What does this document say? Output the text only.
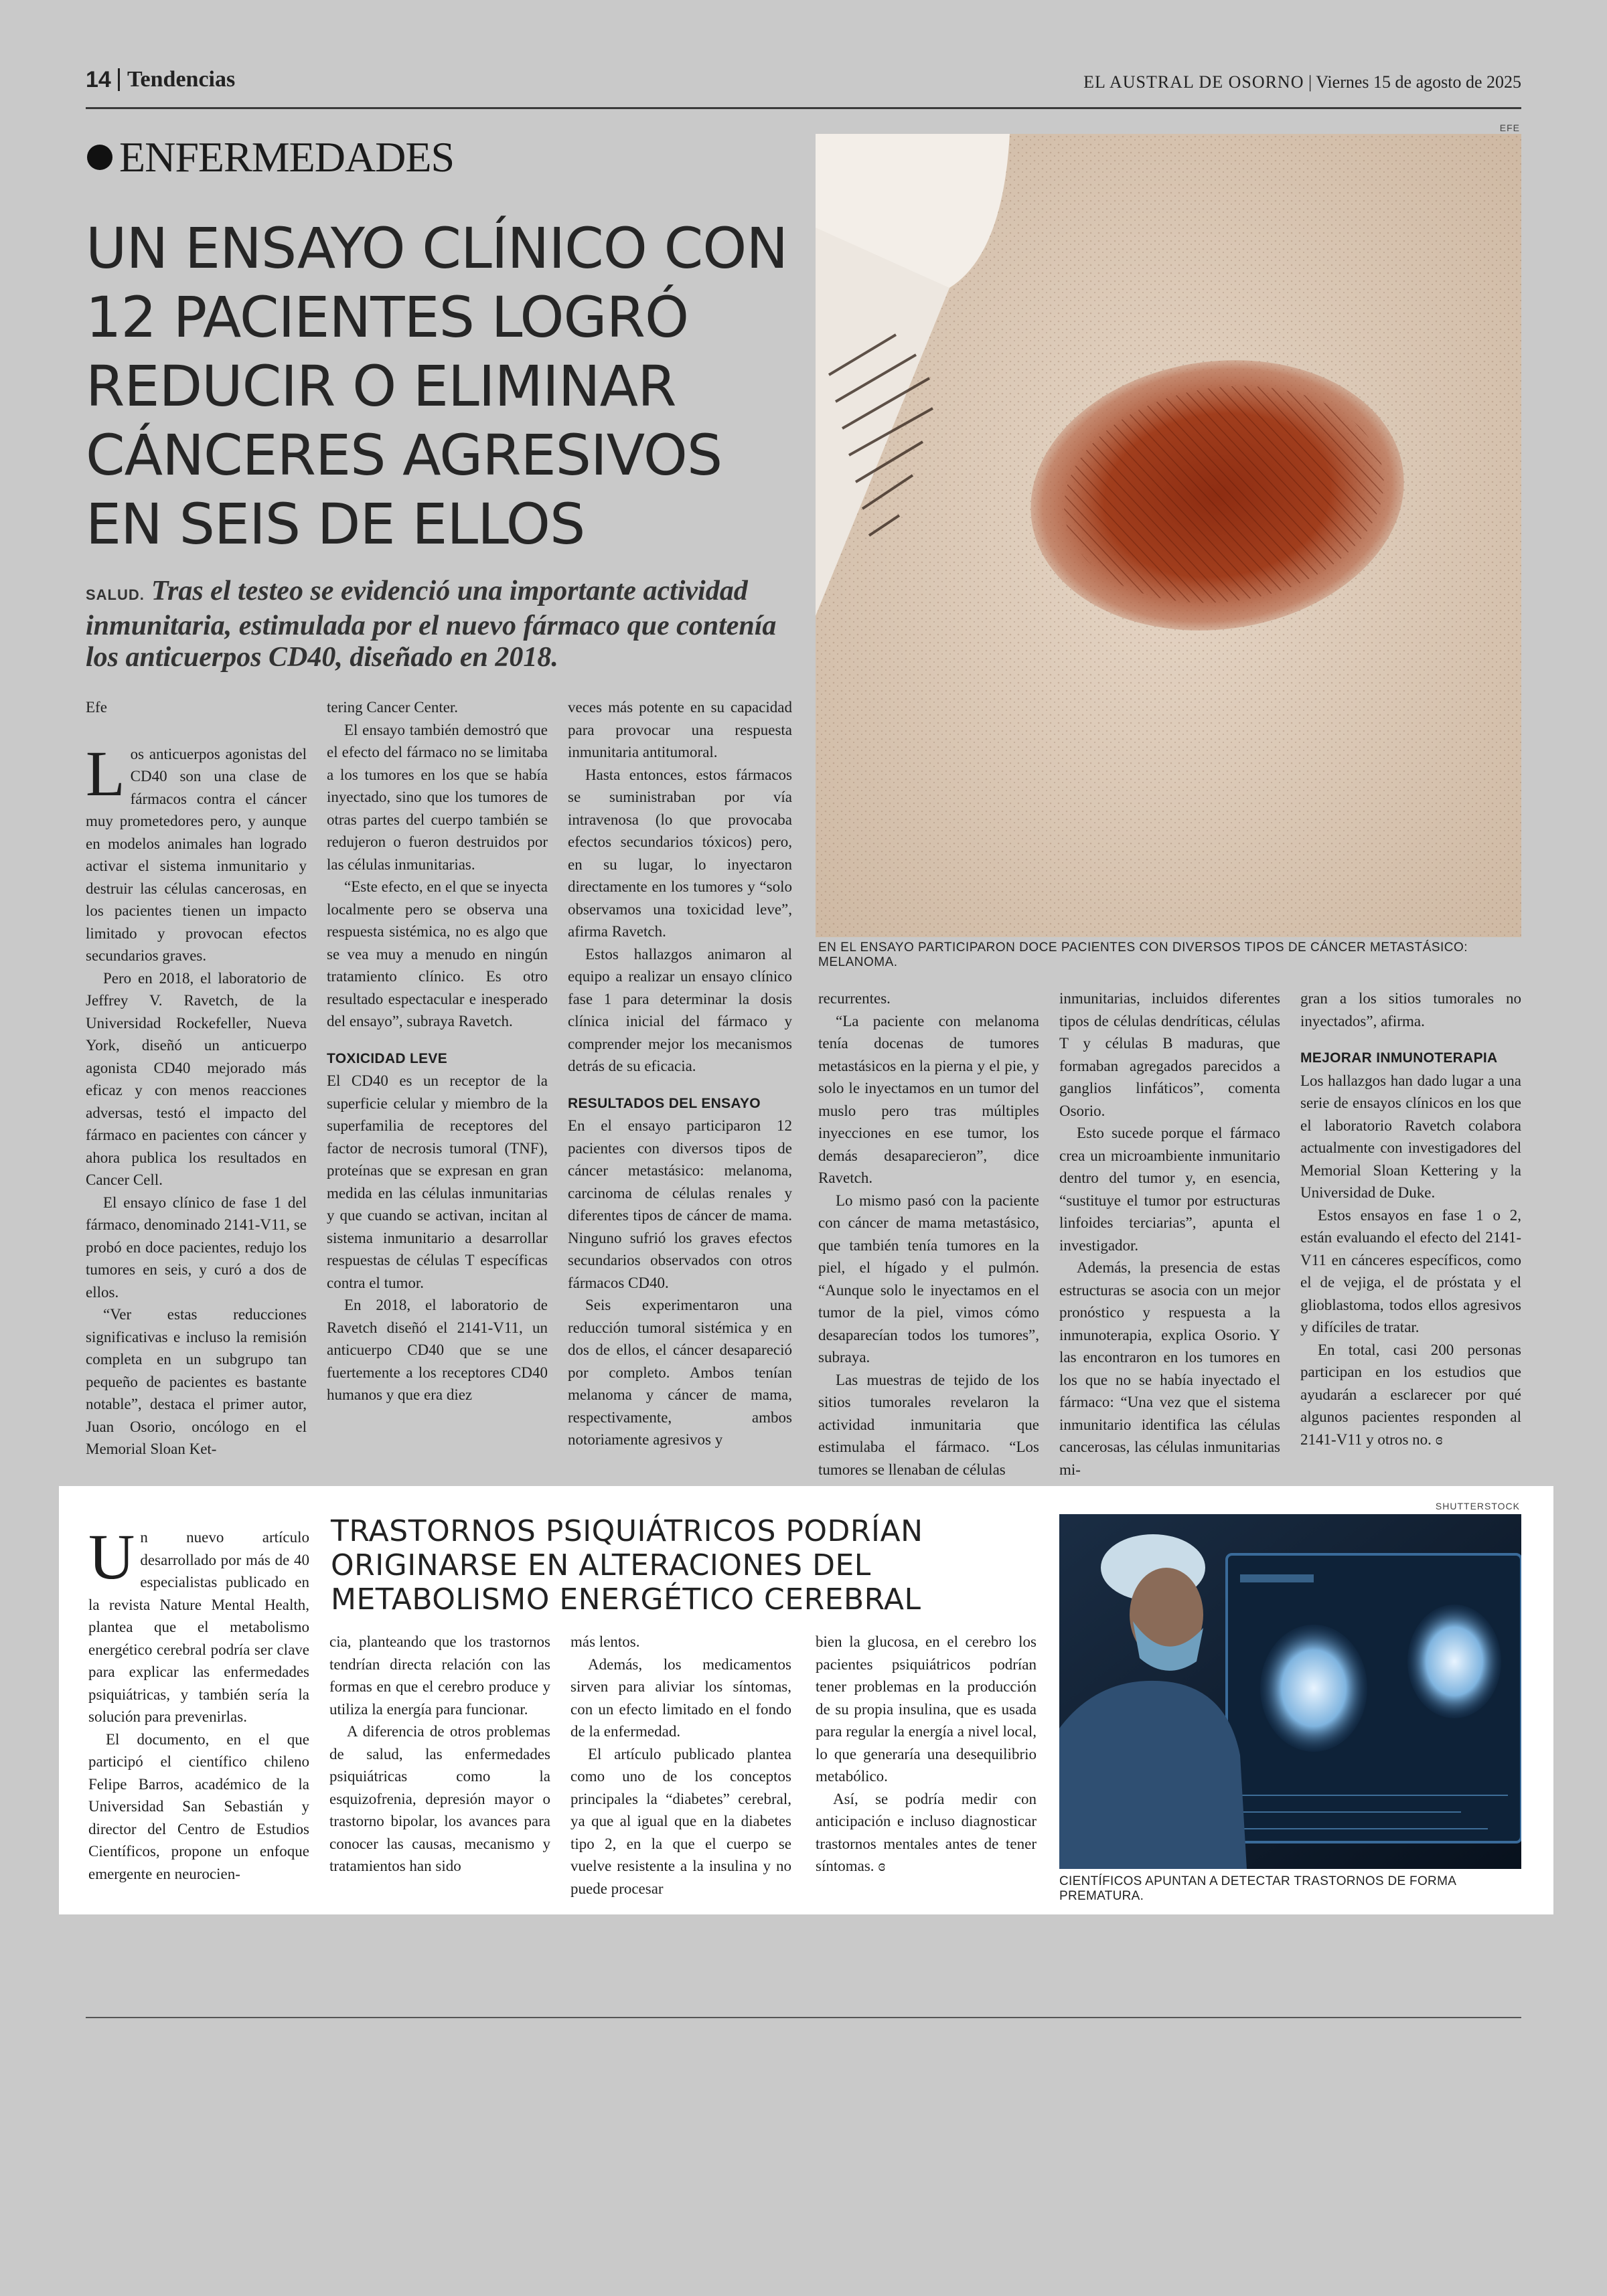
14 Tendencias	EL AUSTRAL DE OSORNO | Viernes 15 de agosto de 2025
ENFERMEDADES
UN ENSAYO CLÍNICO CON 12 PACIENTES LOGRÓ REDUCIR O ELIMINAR CÁNCERES AGRESIVOS EN SEIS DE ELLOS
SALUD. Tras el testeo se evidenció una importante actividad inmunitaria, estimulada por el nuevo fármaco que contenía los anticuerpos CD40, diseñado en 2018.
EFE
EN EL ENSAYO PARTICIPARON DOCE PACIENTES CON DIVERSOS TIPOS DE CÁNCER METASTÁSICO: MELANOMA.
Efe
L os anticuerpos agonistas del CD40 son una clase de fármacos contra el cáncer muy prometedores pero, y aunque en modelos animales han logrado activar el sistema inmunitario y destruir las células cancerosas, en los pacientes tienen un impacto limitado y provocan efectos secundarios graves.

Pero en 2018, el laboratorio de Jeffrey V. Ravetch, de la Universidad Rockefeller, Nueva York, diseñó un anticuerpo agonista CD40 mejorado más eficaz y con menos reacciones adversas, testó el impacto del fármaco en pacientes con cáncer y ahora publica los resultados en Cancer Cell.

El ensayo clínico de fase 1 del fármaco, denominado 2141-V11, se probó en doce pacientes, redujo los tumores en seis, y curó a dos de ellos.

“Ver estas reducciones significativas e incluso la remisión completa en un subgrupo tan pequeño de pacientes es bastante notable”, destaca el primer autor, Juan Osorio, oncólogo en el Memorial Sloan Ket-

tering Cancer Center.

El ensayo también demostró que el efecto del fármaco no se limitaba a los tumores en los que se había inyectado, sino que los tumores de otras partes del cuerpo también se redujeron o fueron destruidos por las células inmunitarias.

“Este efecto, en el que se inyecta localmente pero se observa una respuesta sistémica, no es algo que se vea muy a menudo en ningún tratamiento clínico. Es otro resultado espectacular e inesperado del ensayo”, subraya Ravetch.

TOXICIDAD LEVE

El CD40 es un receptor de la superficie celular y miembro de la superfamilia de receptores del factor de necrosis tumoral (TNF), proteínas que se expresan en gran medida en las células inmunitarias y que cuando se activan, incitan al sistema inmunitario a desarrollar respuestas de células T específicas contra el tumor.

En 2018, el laboratorio de Ravetch diseñó el 2141-V11, un anticuerpo CD40 que se une fuertemente a los receptores CD40 humanos y que era diez

veces más potente en su capacidad para provocar una respuesta inmunitaria antitumoral.

Hasta entonces, estos fármacos se suministraban por vía intravenosa (lo que provocaba efectos secundarios tóxicos) pero, en su lugar, lo inyectaron directamente en los tumores y “solo observamos una toxicidad leve”, afirma Ravetch.

Estos hallazgos animaron al equipo a realizar un ensayo clínico fase 1 para determinar la dosis clínica inicial del fármaco y comprender mejor los mecanismos detrás de su eficacia.

RESULTADOS DEL ENSAYO

En el ensayo participaron 12 pacientes con diversos tipos de cáncer metastásico: melanoma, carcinoma de células renales y diferentes tipos de cáncer de mama. Ninguno sufrió los graves efectos secundarios observados con otros fármacos CD40.

Seis experimentaron una reducción tumoral sistémica y en dos de ellos, el cáncer desapareció por completo. Ambos tenían melanoma y cáncer de mama, respectivamente, ambos notoriamente agresivos y

recurrentes.

“La paciente con melanoma tenía docenas de tumores metastásicos en la pierna y el pie, y solo le inyectamos en un tumor del muslo pero tras múltiples inyecciones en ese tumor, los demás desaparecieron”, dice Ravetch.

Lo mismo pasó con la paciente con cáncer de mama metastásico, que también tenía tumores en la piel, el hígado y el pulmón. “Aunque solo le inyectamos en el tumor de la piel, vimos cómo desaparecían todos los tumores”, subraya.

Las muestras de tejido de los sitios tumorales revelaron la actividad inmunitaria que estimulaba el fármaco. “Los tumores se llenaban de células

inmunitarias, incluidos diferentes tipos de células dendríticas, células T y células B maduras, que formaban agregados parecidos a ganglios linfáticos”, comenta Osorio.

Esto sucede porque el fármaco crea un microambiente inmunitario dentro del tumor y, en esencia, “sustituye el tumor por estructuras linfoides terciarias”, apunta el investigador.

Además, la presencia de estas estructuras se asocia con un mejor pronóstico y respuesta a la inmunoterapia, explica Osorio. Y las encontraron en los tumores en los que no se había inyectado el fármaco: “Una vez que el sistema inmunitario identifica las células cancerosas, las células inmunitarias mi-

gran a los sitios tumorales no inyectados”, afirma.

MEJORAR INMUNOTERAPIA

Los hallazgos han dado lugar a una serie de ensayos clínicos en los que el laboratorio Ravetch colabora actualmente con investigadores del Memorial Sloan Kettering y la Universidad de Duke.

Estos ensayos en fase 1 o 2, están evaluando el efecto del 2141-V11 en cánceres específicos, como el de vejiga, el de próstata y el glioblastoma, todos ellos agresivos y difíciles de tratar.

En total, casi 200 personas participan en los estudios que ayudarán a esclarecer por qué algunos pacientes responden al 2141-V11 y otros no. ɞ

TRASTORNOS PSIQUIÁTRICOS PODRÍAN ORIGINARSE EN ALTERACIONES DEL METABOLISMO ENERGÉTICO CEREBRAL
SHUTTERSTOCK
CIENTÍFICOS APUNTAN A DETECTAR TRASTORNOS DE FORMA PREMATURA.
U n nuevo artículo desarrollado por más de 40 especialistas publicado en la revista Nature Mental Health, plantea que el metabolismo energético cerebral podría ser clave para explicar las enfermedades psiquiátricas, y también sería la solución para prevenirlas.

El documento, en el que participó el científico chileno Felipe Barros, académico de la Universidad San Sebastián y director del Centro de Estudios Científicos, propone un enfoque emergente en neurocien-

cia, planteando que los trastornos tendrían directa relación con las formas en que el cerebro produce y utiliza la energía para funcionar.

A diferencia de otros problemas de salud, las enfermedades psiquiátricas como la esquizofrenia, depresión mayor o trastorno bipolar, los avances para conocer las causas, mecanismo y tratamientos han sido

más lentos.

Además, los medicamentos sirven para aliviar los síntomas, con un efecto limitado en el fondo de la enfermedad.

El artículo publicado plantea como uno de los conceptos principales la “diabetes” cerebral, ya que al igual que en la diabetes tipo 2, en la que el cuerpo se vuelve resistente a la insulina y no puede procesar

bien la glucosa, en el cerebro los pacientes psiquiátricos podrían tener problemas en la producción de su propia insulina, que es usada para regular la energía a nivel local, lo que generaría una desequilibrio metabólico.

Así, se podría medir con anticipación e incluso diagnosticar trastornos mentales antes de tener síntomas. ɞ
